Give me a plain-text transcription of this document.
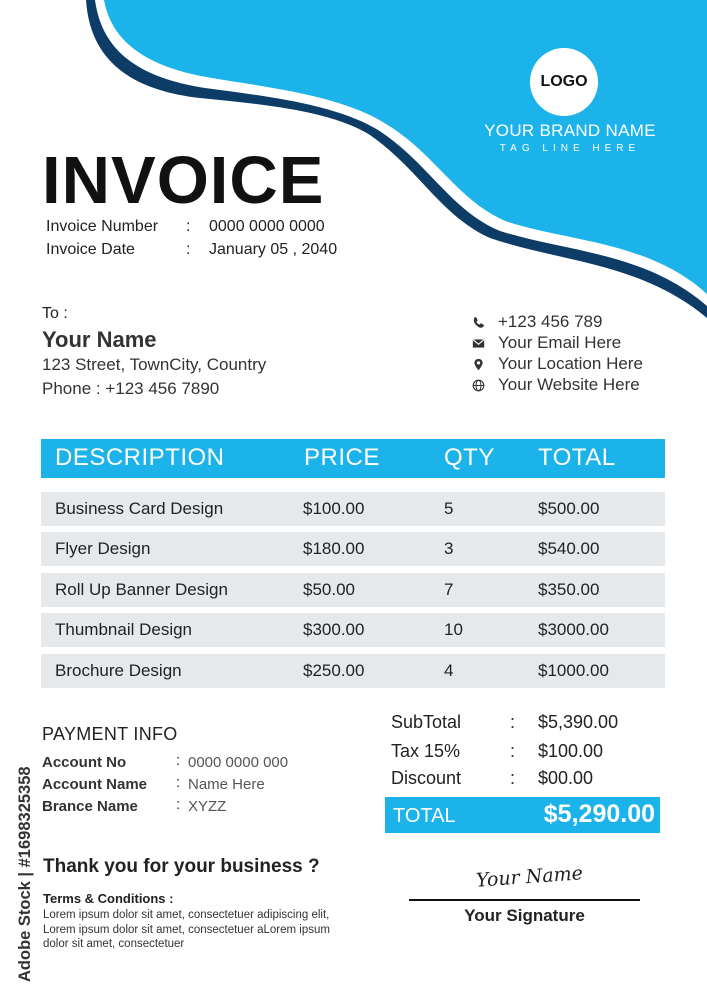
LOGO
YOUR BRAND NAME
TAG LINE HERE
INVOICE
Invoice Number : 0000 0000 0000
Invoice Date	: January 05 , 2040
To :
Your Name
123 Street, TownCity, Country
Phone : +123 456 7890
+123 456 789
Your Email Here
Your Location Here
Your Website Here
DESCRIPTION	PRICE	QTY TOTAL
Business Card Design	$100.00	5	$500.00
Flyer Design	$180.00	3	$540.00
Roll Up Banner Design	$50.00	7	$350.00
Thumbnail Design	$300.00	10	$3000.00
Brochure Design	$250.00	4	$1000.00
PAYMENT INFO
Account No	: 0000 0000 000
Account Name : Name Here
Brance Name	: XYZZ
SubTotal	: $5,390.00
Tax 15%	: $100.00
Discount	: $00.00
TOTAL	$5,290.00
Thank you for your business ?
Terms & Conditions :
Lorem ipsum dolor sit amet, consectetuer adipiscing elit, Lorem ipsum dolor sit amet, consectetuer aLorem ipsum dolor sit amet, consectetuer
Your Name
Your Signature
Adobe Stock | #1698325358
